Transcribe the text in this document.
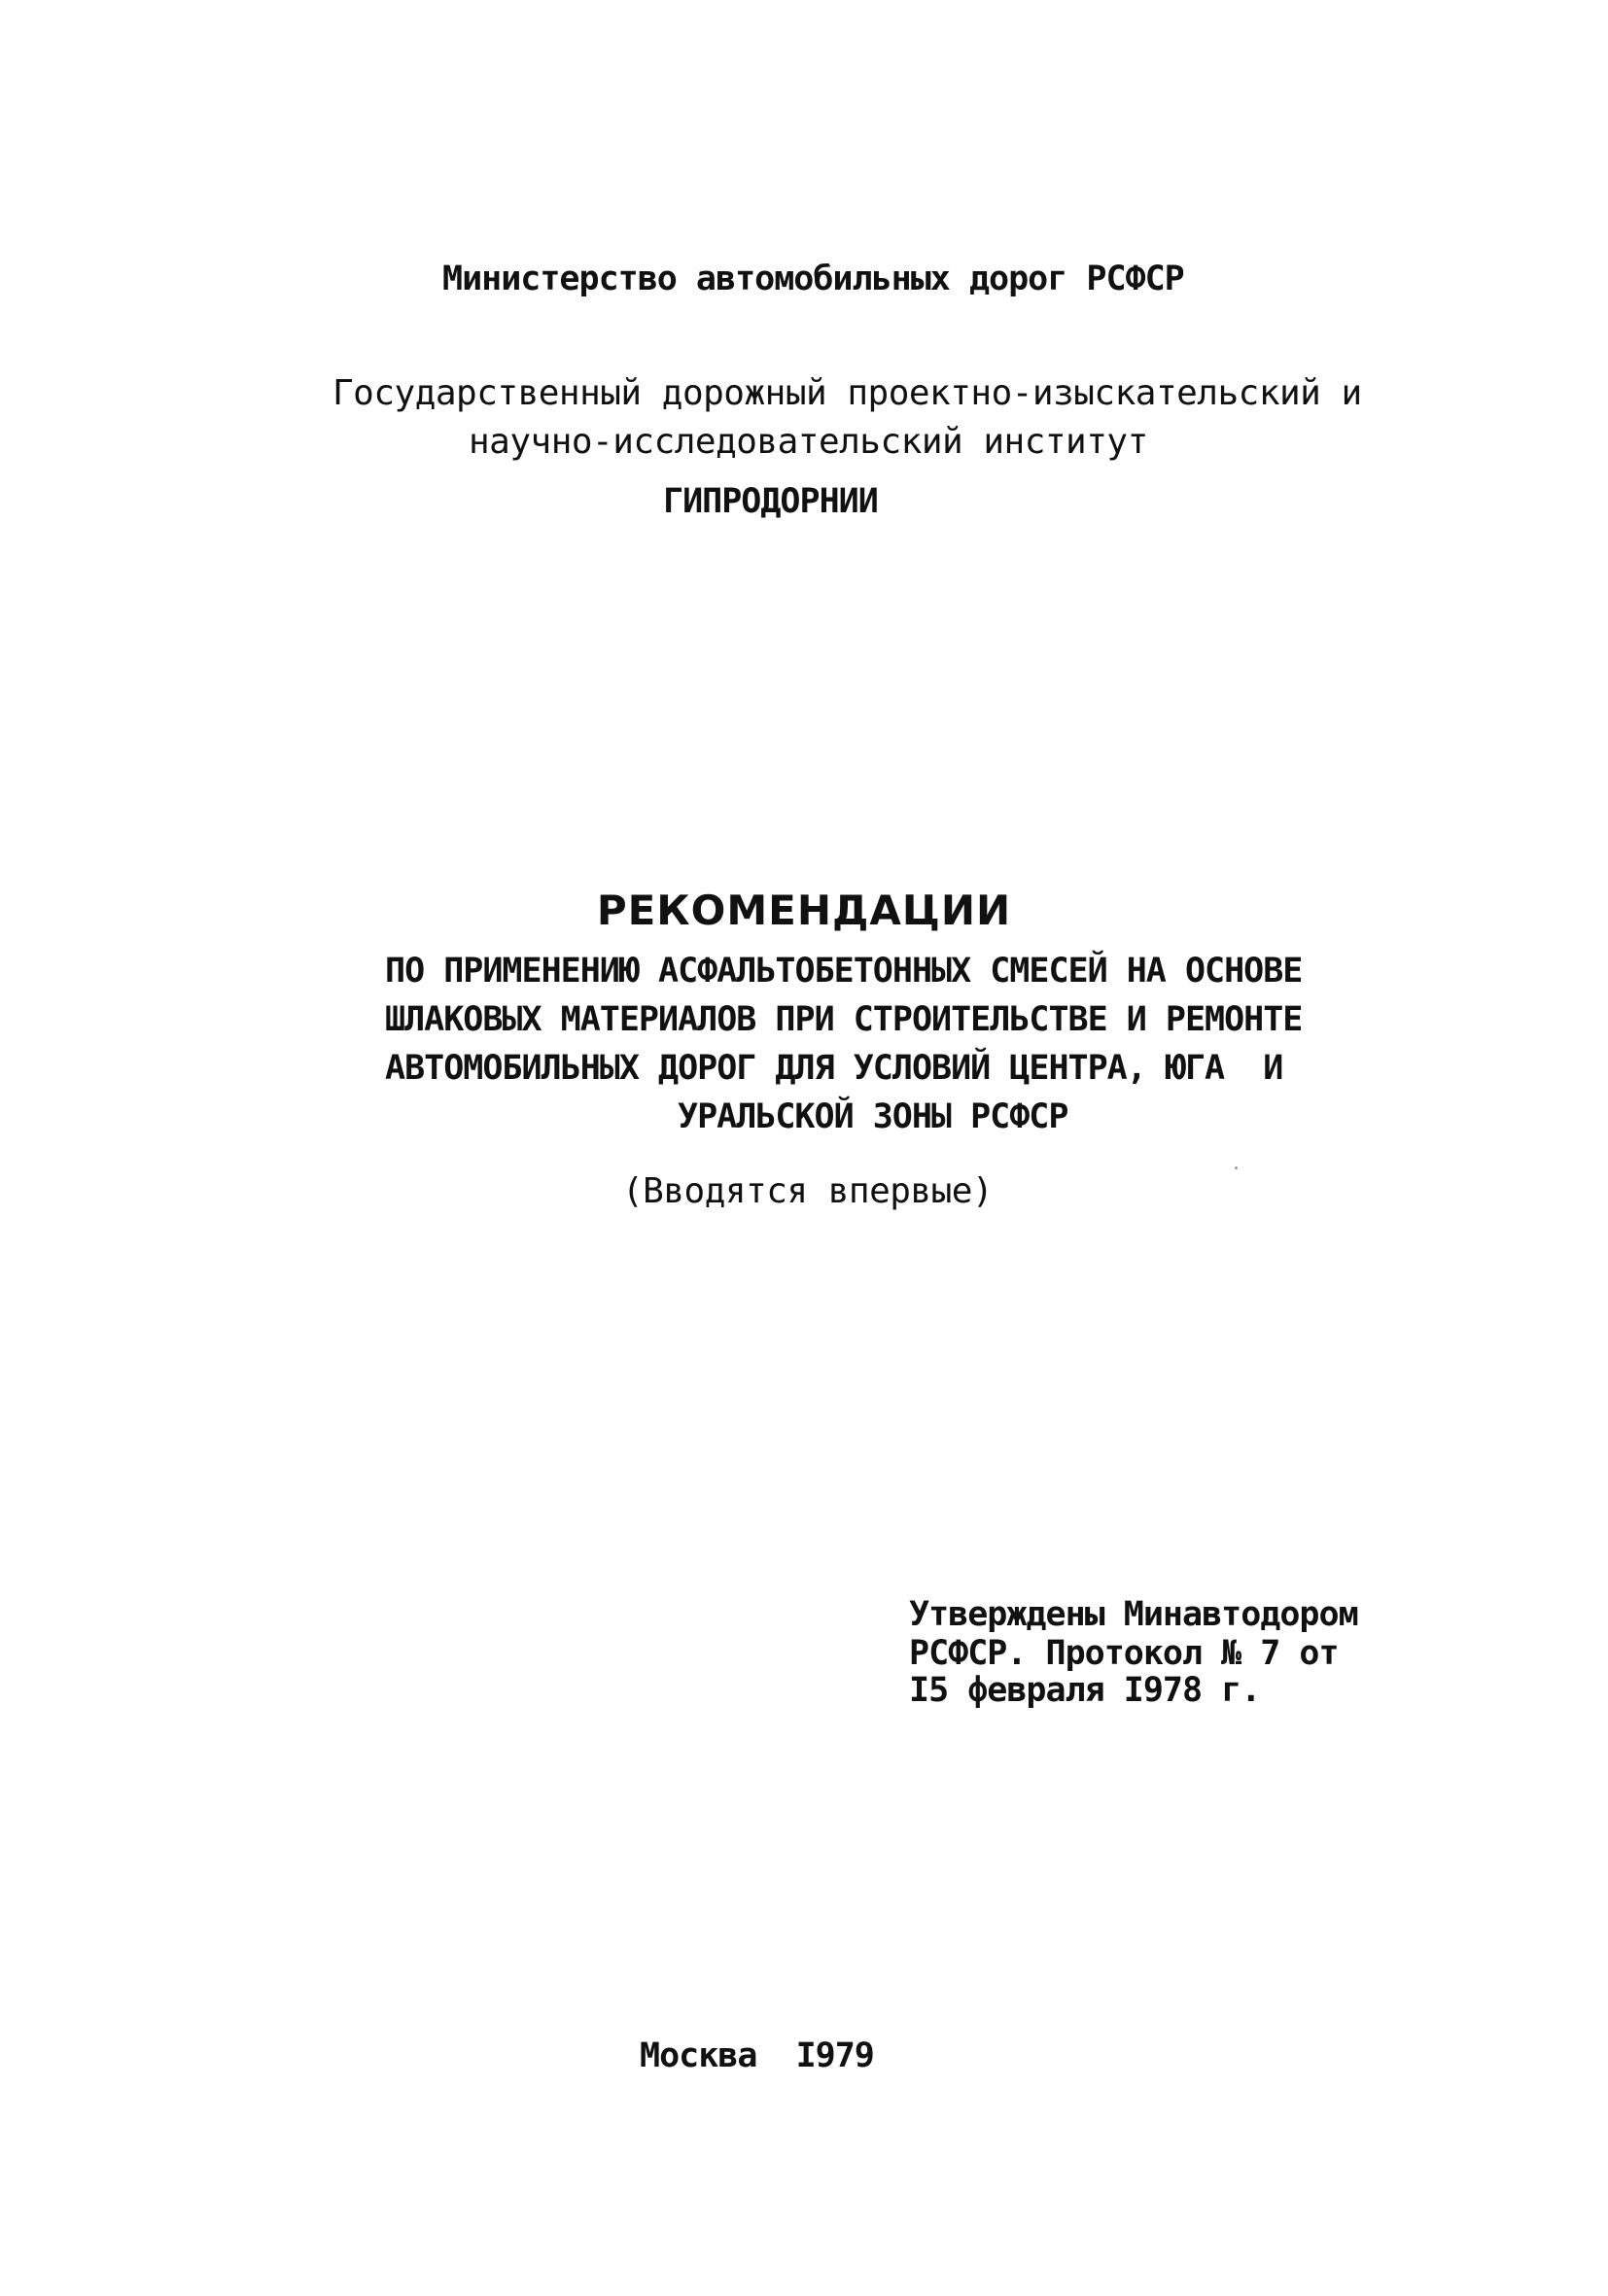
Министерство автомобильных дорог РСФСР
Государственный дорожный проектно-изыскательский и
научно-исследовательский институт
ГИПРОДОРНИИ
РЕКОМЕНДАЦИИ
ПО ПРИМЕНЕНИЮ АСФАЛЬТОБЕТОННЫХ СМЕСЕЙ НА ОСНОВЕ
ШЛАКОВЫХ МАТЕРИАЛОВ ПРИ СТРОИТЕЛЬСТВЕ И РЕМОНТЕ
АВТОМОБИЛЬНЫХ ДОРОГ ДЛЯ УСЛОВИЙ ЦЕНТРА, ЮГА  И
УРАЛЬСКОЙ ЗОНЫ РСФСР
(Вводятся впервые)
Утверждены Минавтодором
РСФСР. Протокол № 7 от
I5 февраля I978 г.
Москва  I979
